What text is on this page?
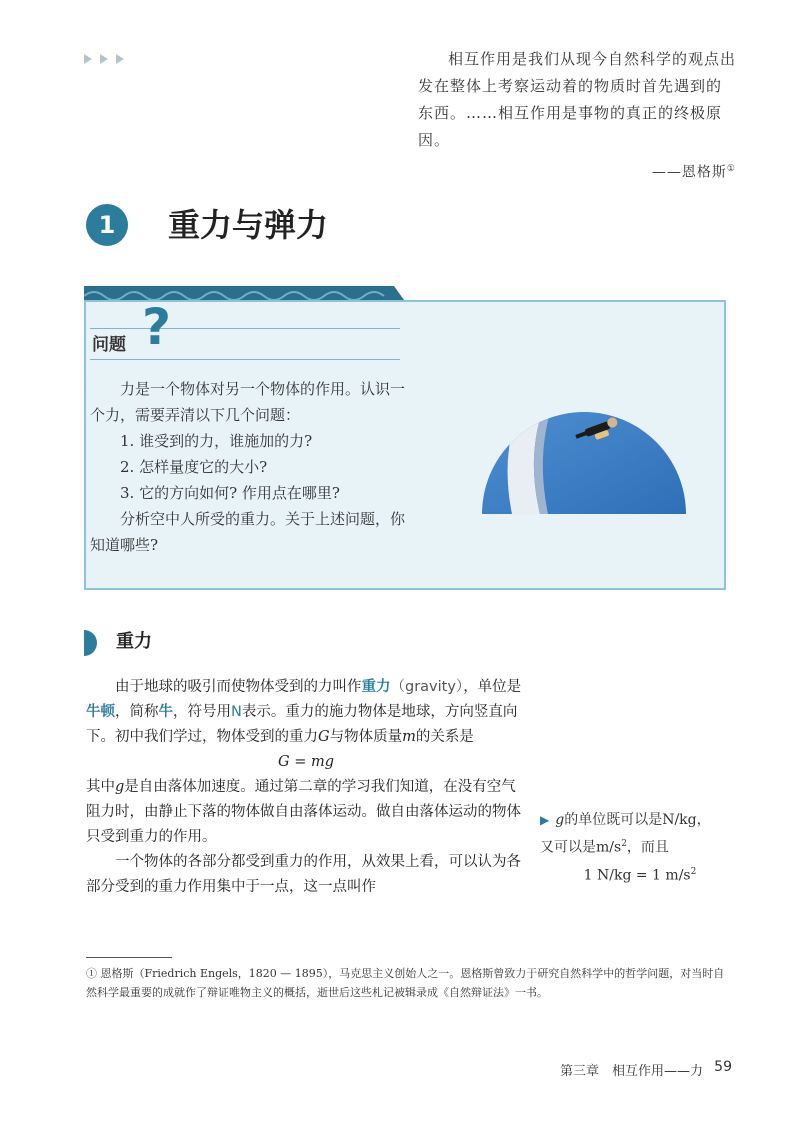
相互作用是我们从现今自然科学的观点出发在整体上考察运动着的物质时首先遇到的东西。……相互作用是事物的真正的终极原因。

——恩格斯①
1	重力与弹力
问题 ?

力是一个物体对另一个物体的作用。认识一个力，需要弄清以下几个问题：

1. 谁受到的力，谁施加的力?

2. 怎样量度它的大小?

3. 它的方向如何? 作用点在哪里?

分析空中人所受的重力。关于上述问题，你知道哪些?

重力

由于地球的吸引而使物体受到的力叫作重力（gravity），单位是牛顿，简称牛，符号用N表示。重力的施力物体是地球，方向竖直向下。初中我们学过，物体受到的重力G与物体质量m的关系是

G = mg

其中g是自由落体加速度。通过第二章的学习我们知道，在没有空气阻力时，由静止下落的物体做自由落体运动。做自由落体运动的物体只受到重力的作用。

一个物体的各部分都受到重力的作用，从效果上看，可以认为各部分受到的重力作用集中于一点，这一点叫作

▶ g的单位既可以是N/kg，

又可以是$m/s^2$，而且

1 N/kg = 1 $m/s^2$

① 恩格斯（Friedrich Engels，1820 — 1895），马克思主义创始人之一。恩格斯曾致力于研究自然科学中的哲学问题，对当时自然科学最重要的成就作了辩证唯物主义的概括，逝世后这些札记被辑录成《自然辩证法》一书。

第三章　相互作用——力 59
